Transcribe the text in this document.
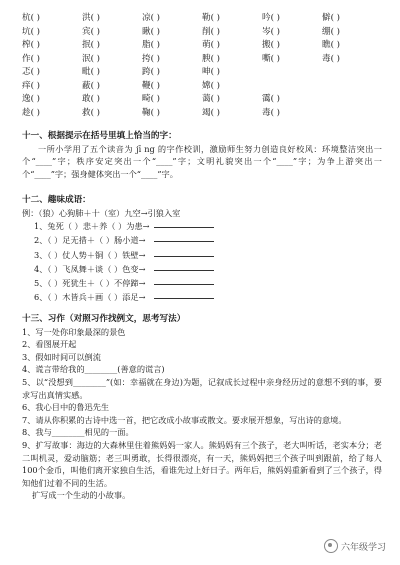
杭( )	洪( )	凉( )	勒( )	吟( )	僻( )
坑( )	宾( )	瞅( )	削( )	岑( )	绷( )
榨( )	抿( )	脂( )	萌( )	搬( )	瞧( )
作( )	泯( )	挎( )	腴( )	嘶( )	毒( )
忑( )	毗( )	跨( )	呻( )
痒( )	蔽( )	鞭( )	嫦( )
逸( )	敢( )	畸( )	蔼( )	霭( )
趁( )	救( )	鞠( )	竭( )	毒( )
十一、根据提示在括号里填上恰当的字：
一所小学用了五个读音为 jī ng 的字作校训，激励师生努力创造良好校风：环境整洁突出一个“____”字；秩序安定突出一个“____”字；文明礼貌突出一个“____”字；为争上游突出一个“____”字；强身健体突出一个“____”字。
十二、趣味成语：
例：（狼）心狗肺＋十（室）九空→引狼入室
1、兔死（ ）悲＋养（ ）为患→
2、（ ）足无措＋（ ）肠小道→
3、（ ）仗人势＋铜（ ）铁壁→
4、（ ）飞凤舞＋谈（ ）色变→
5、（ ）死犹生＋（ ）不停蹄→
6、（ ）木皆兵＋画（ ）添足→
十三、习作（对照习作找例文，思考写法）
1、写一处你印象最深的景色
2、看图展开起
3、假如时间可以倒流
4、谎言带给我的________(善意的谎言)
5、以“没想到________”(如：幸福就在身边)为题，记叙成长过程中亲身经历过的意想不到的事，要求写出真情实感。
6、我心目中的鲁迅先生
7、请从你积累的古诗中选一首，把它改成小故事或散文。要求展开想象，写出诗的意境。
8、我与________相见的一面。
9、扩写故事：海边的大森林里住着熊妈妈一家人。熊妈妈有三个孩子，老大叫听话，老实本分；老二叫机灵，爱动脑筋；老三叫勇敢，长得很漂亮，有一天，熊妈妈把三个孩子叫到跟前，给了每人100个金币，叫他们离开家独自生活，看谁先过上好日子。两年后，熊妈妈重新看到了三个孩子，得知他们过着不同的生活。
扩写成一个生动的小故事。
六年级学习
